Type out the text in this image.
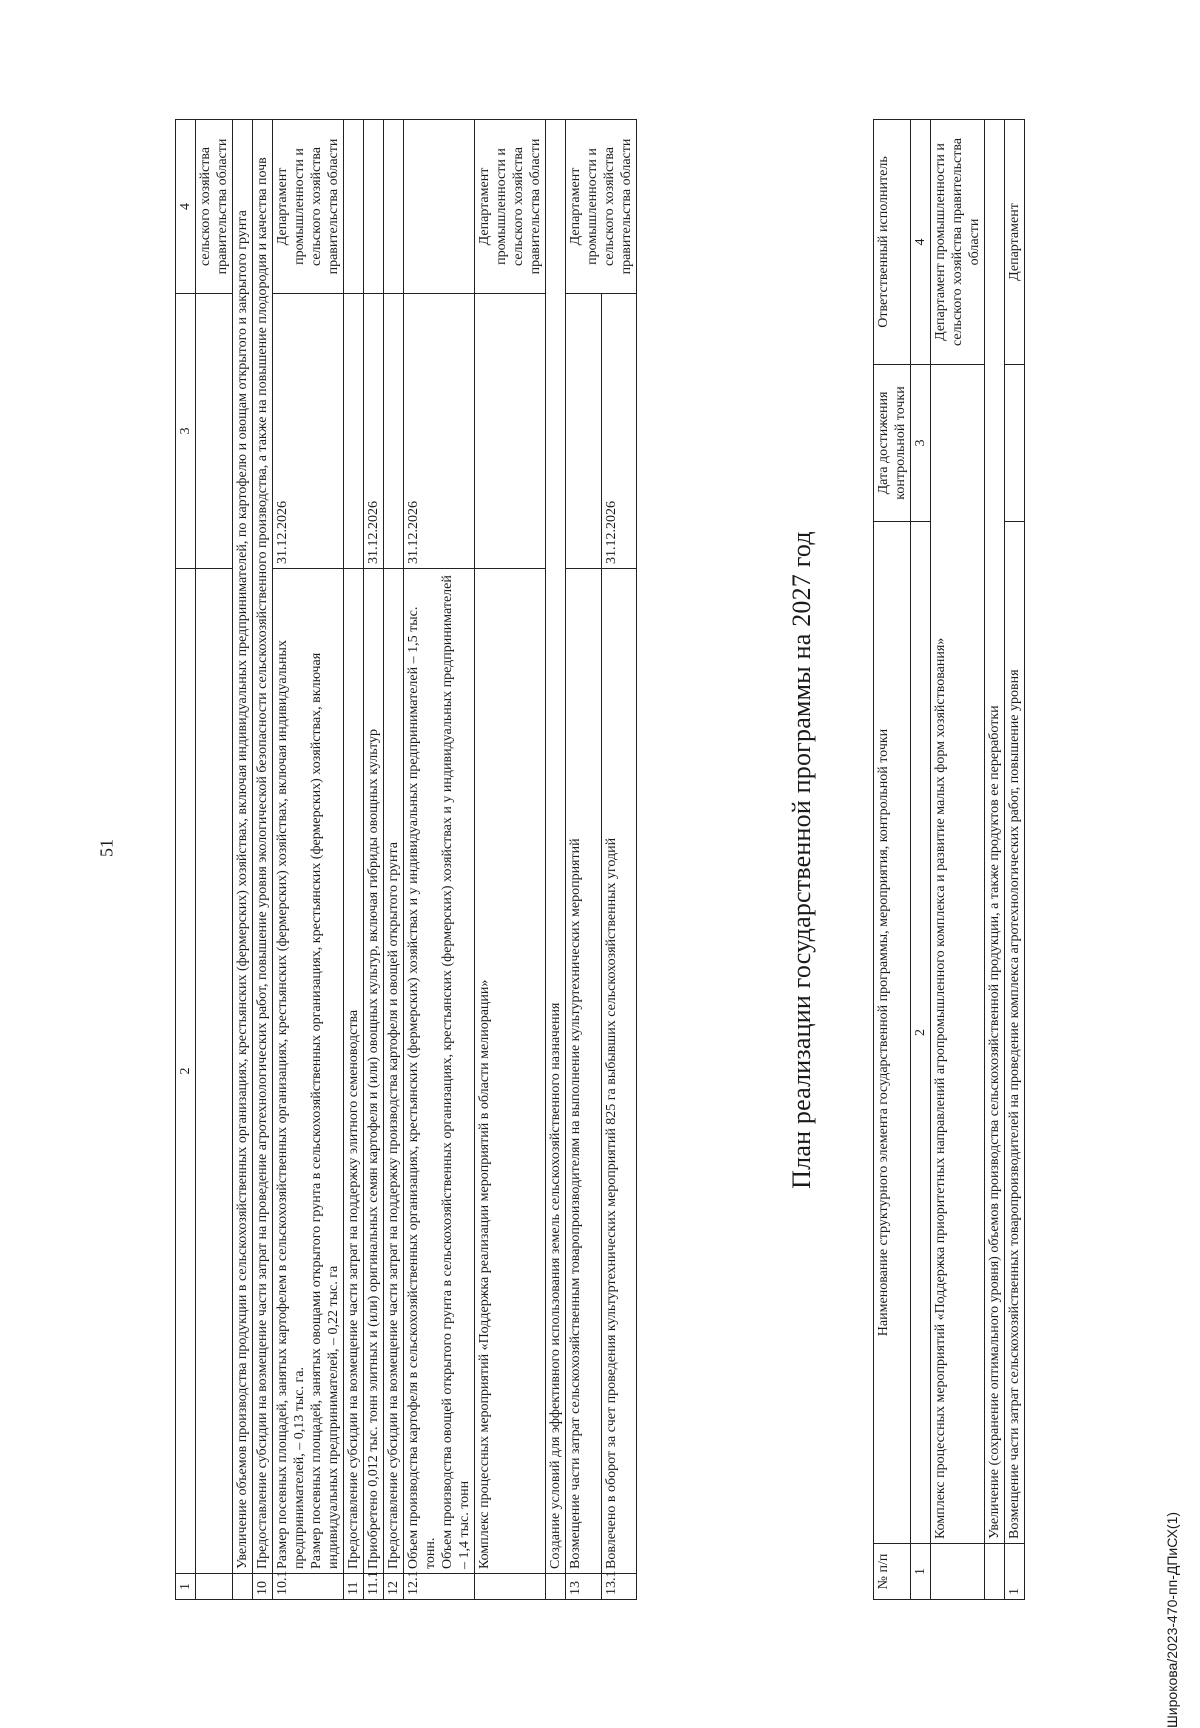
51
Широкова/2023-470-пп-ДПиСХ(1)
1	2	3	4
			сельского хозяйства правительства области
	Увеличение объемов производства продукции в сельскохозяйственных организациях, крестьянских (фермерских) хозяйствах, включая индивидуальных предпринимателей, по картофелю и овощам открытого и закрытого грунта		
10	Предоставление субсидии на возмещение части затрат на проведение агротехнологических работ, повышение уровня экологической безопасности сельскохозяйственного производства, а также на повышение плодородия и качества почв		
10.1	Размер посевных площадей, занятых картофелем в сельскохозяйственных организациях, крестьянских (фермерских) хозяйствах, включая индивидуальных предпринимателей, – 0,13 тыс. га.
Размер посевных площадей, занятых овощами открытого грунта в сельскохозяйственных организациях, крестьянских (фермерских) хозяйствах, включая индивидуальных предпринимателей, – 0,22 тыс. га	31.12.2026	Департамент промышленности и сельского хозяйства правительства области
11	Предоставление субсидии на возмещение части затрат на поддержку элитного семеноводства		
11.1	Приобретено 0,012 тыс. тонн элитных и (или) оригинальных семян картофеля и (или) овощных культур, включая гибриды овощных культур	31.12.2026	
12	Предоставление субсидии на возмещение части затрат на поддержку производства картофеля и овощей открытого грунта		
12.1	Объем производства картофеля в сельскохозяйственных организациях, крестьянских (фермерских) хозяйствах и у индивидуальных предпринимателей – 1,5 тыс. тонн.
Объем производства овощей открытого грунта в сельскохозяйственных организациях, крестьянских (фермерских) хозяйствах и у индивидуальных предпринимателей – 1,4 тыс. тонн	31.12.2026	
	Комплекс процессных мероприятий «Поддержка реализации мероприятий в области мелиорации»		Департамент промышленности и сельского хозяйства правительства области
	Создание условий для эффективного использования земель сельскохозяйственного назначения		
13	Возмещение части затрат сельскохозяйственным товаропроизводителям на выполнение культуртехнических мероприятий		Департамент промышленности и сельского хозяйства правительства области
13.1	Вовлечено в оборот за счет проведения культуртехнических мероприятий 825 га выбывших сельскохозяйственных угодий	31.12.2026		План реализации государственной программы на 2027 год
№ п/п	Наименование структурного элемента государственной программы, мероприятия, контрольной точки	Дата достижения контрольной точки	Ответственный исполнитель
1	2	3	4
	Комплекс процессных мероприятий «Поддержка приоритетных направлений агропромышленного комплекса и развитие малых форм хозяйствования»		Департамент промышленности и сельского хозяйства правительства области
	Увеличение (сохранение оптимального уровня) объемов производства сельскохозяйственной продукции, а также продуктов ее переработки		
1	Возмещение части затрат сельскохозяйственных товаропроизводителей на проведение комплекса агротехнологических работ, повышение уровня		Департамент
